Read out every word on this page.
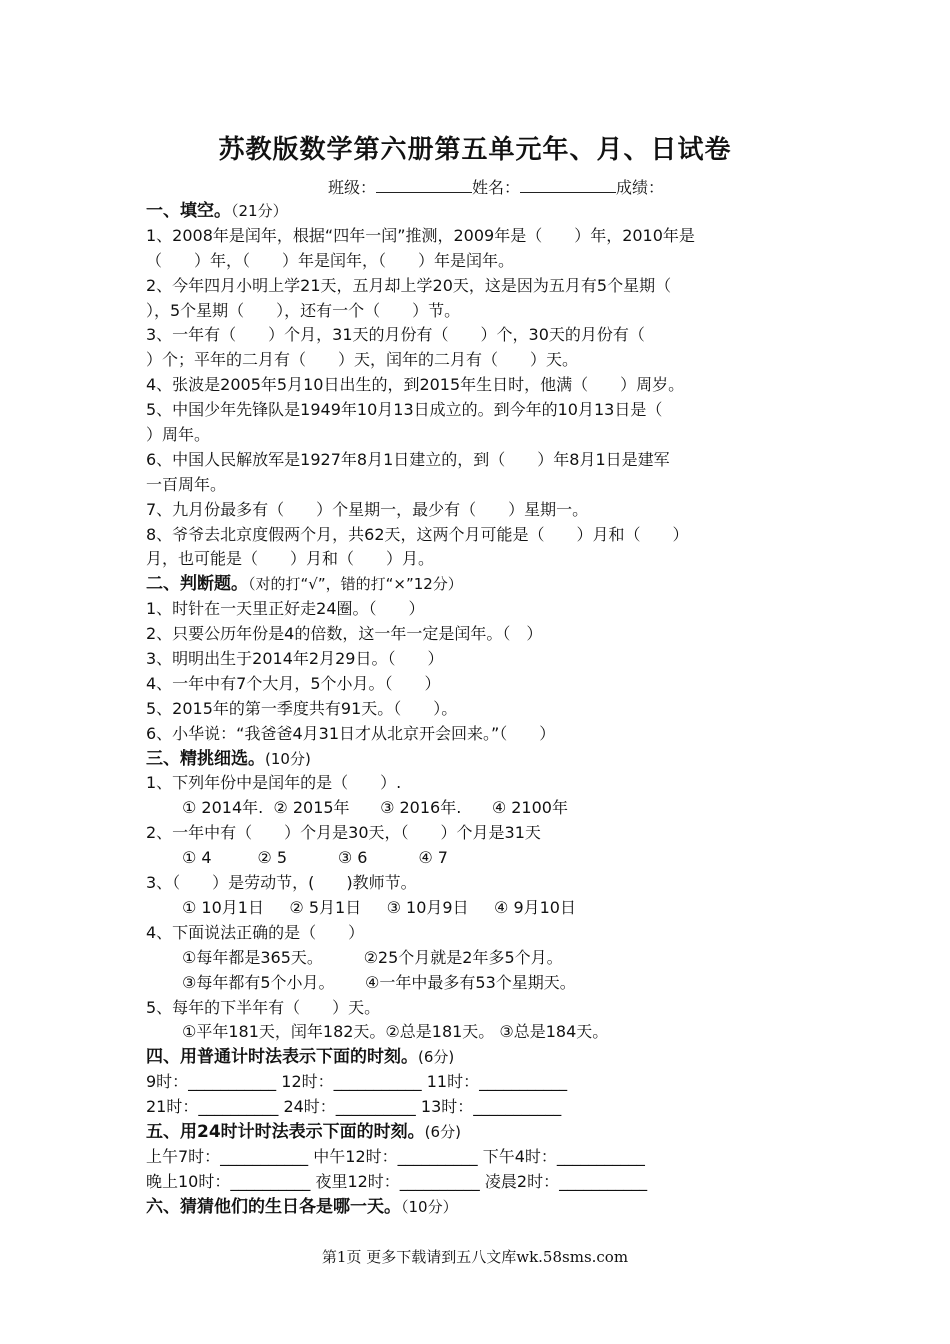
苏教版数学第六册第五单元年、月、日试卷
班级：	姓名：	成绩：
一、填空。（21分）
1、2008年是闰年，根据“四年一闰”推测，2009年是（　　）年，2010年是
（　　）年，（　　）年是闰年，（　　）年是闰年。
2、今年四月小明上学21天，五月却上学20天，这是因为五月有5个星期（
），5个星期（　　），还有一个（　　）节。
3、一年有（　　）个月，31天的月份有（　　）个，30天的月份有（
）个；平年的二月有（　　）天，闰年的二月有（　　）天。
4、张波是2005年5月10日出生的，到2015年生日时，他满（　　）周岁。
5、中国少年先锋队是1949年10月13日成立的。到今年的10月13日是（
）周年。
6、中国人民解放军是1927年8月1日建立的，到（　　）年8月1日是建军
一百周年。
7、九月份最多有（　　）个星期一，最少有（　　）星期一。
8、爷爷去北京度假两个月，共62天，这两个月可能是（　　）月和（　　）
月，也可能是（　　）月和（　　）月。
二、判断题。（对的打“√”，错的打“×”12分）
1、时针在一天里正好走24圈。（　　）
2、只要公历年份是4的倍数，这一年一定是闰年。（　）
3、明明出生于2014年2月29日。（　　）
4、一年中有7个大月，5个小月。（　　）
5、2015年的第一季度共有91天。（　　）。
6、小华说：“我爸爸4月31日才从北京开会回来。”（　　）
三、精挑细选。(10分)
1、下列年份中是闰年的是（　　）.
① 2014年.  ② 2015年      ③ 2016年.      ④ 2100年
2、一年中有（　　）个月是30天，（　　）个月是31天
① 4         ② 5          ③ 6          ④ 7
3、（　　）是劳动节，(　　)教师节。
① 10月1日     ② 5月1日     ③ 10月9日     ④ 9月10日
4、下面说法正确的是（　　）
①每年都是365天。        ②25个月就是2年多5个月。
③每年都有5个小月。      ④一年中最多有53个星期天。
5、每年的下半年有（　　）天。
①平年181天，闰年182天。②总是181天。 ③总是184天。
四、用普通计时法表示下面的时刻。(6分)
9时：___________ 12时：___________ 11时：___________
21时：__________ 24时：__________ 13时：___________
五、用24时计时法表示下面的时刻。(6分)
上午7时：___________ 中午12时：__________ 下午4时：___________
晚上10时：__________ 夜里12时：__________ 凌晨2时：___________
六、猜猜他们的生日各是哪一天。（10分）
第1页 更多下载请到五八文库wk.58sms.com
